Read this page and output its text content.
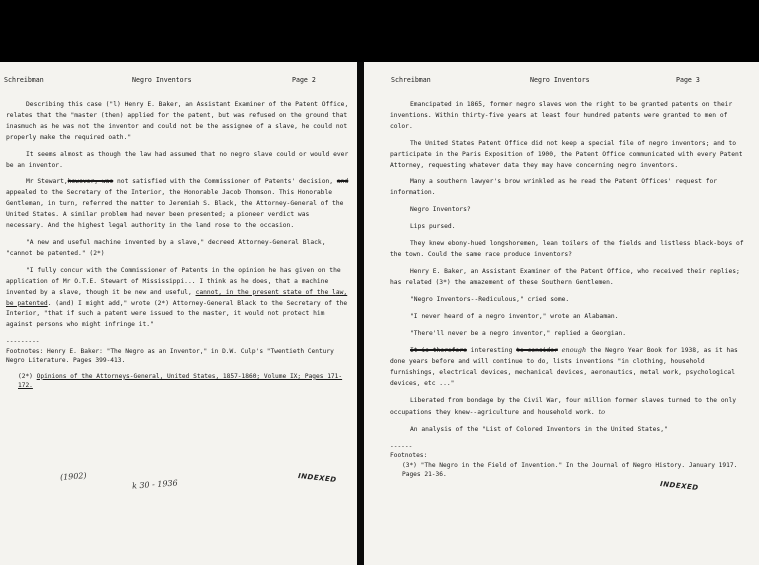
Schreibman	Negro Inventors	Page 2

Describing this case ("l) Henry E. Baker, an Assistant Examiner of the Patent Office, relates that the "master (then) applied for the patent, but was refused on the ground that inasmuch as he was not the inventor and could not be the assignee of a slave, he could not properly make the required oath."

It seems almost as though the law had assumed that no negro slave could or would ever be an inventor.

Mr Stewart,however, was not satisfied with the Commissioner of Patents' decision, and appealed to the Secretary of the Interior, the Honorable Jacob Thomson. This Honorable Gentleman, in turn, referred the matter to Jeremiah S. Black, the Attorney-General of the United States. A similar problem had never been presented; a pioneer verdict was necessary. And the highest legal authority in the land rose to the occasion.

"A new and useful machine invented by a slave," decreed Attorney-General Black, "cannot be patented." (2*)

"I fully concur with the Commissioner of Patents in the opinion he has given on the application of Mr O.T.E. Stewart of Mississippi... I think as he does, that a machine invented by a slave, though it be new and useful, cannot, in the present state of the law, be patented. (and) I might add," wrote (2*) Attorney-General Black to the Secretary of the Interior, "that if such a patent were issued to the master, it would not protect him against persons who might infringe it."

---------
Footnotes: Henry E. Baker: "The Negro as an Inventor," in D.W. Culp's "Twentieth Century Negro Literature. Pages 399-413.
(2*) Opinions of the Attorneys-General, United States, 1857-1860; Volume IX; Pages 171-172.
(1902)
k 30 - 1936
INDEXED
Schreibman	Negro Inventors	Page 3

Emancipated in 1865, former negro slaves won the right to be granted patents on their inventions. Within thirty-five years at least four hundred patents were granted to men of color.

The United States Patent Office did not keep a special file of negro inventors; and to participate in the Paris Exposition of 1900, the Patent Office communicated with every Patent Attorney, requesting whatever data they may have concerning negro inventors.

Many a southern lawyer's brow wrinkled as he read the Patent Offices' request for information.

Negro Inventors?

Lips pursed.

They knew ebony-hued longshoremen, lean toilers of the fields and listless black-boys of the town. Could the same race produce inventors?

Henry E. Baker, an Assistant Examiner of the Patent Office, who received their replies; has related (3*) the amazement of these Southern Gentlemen.

"Negro Inventors--Rediculous," cried some.

"I never heard of a negro inventor," wrote an Alabaman.

"There'll never be a negro inventor," replied a Georgian.

It is therefore interesting to consider enough the Negro Year Book for 1938, as it has done years before and will continue to do, lists inventions "in clothing, household furnishings, electrical devices, mechanical devices, aeronautics, metal work, psychological devices, etc ..."

Liberated from bondage by the Civil War, four million former slaves turned to the only occupations they knew--agriculture and household work. to

An analysis of the "List of Colored Inventors in the United States,"

------
Footnotes:
(3*) "The Negro in the Field of Invention." In the Journal of Negro History. January 1917. Pages 21-36.
INDEXED
